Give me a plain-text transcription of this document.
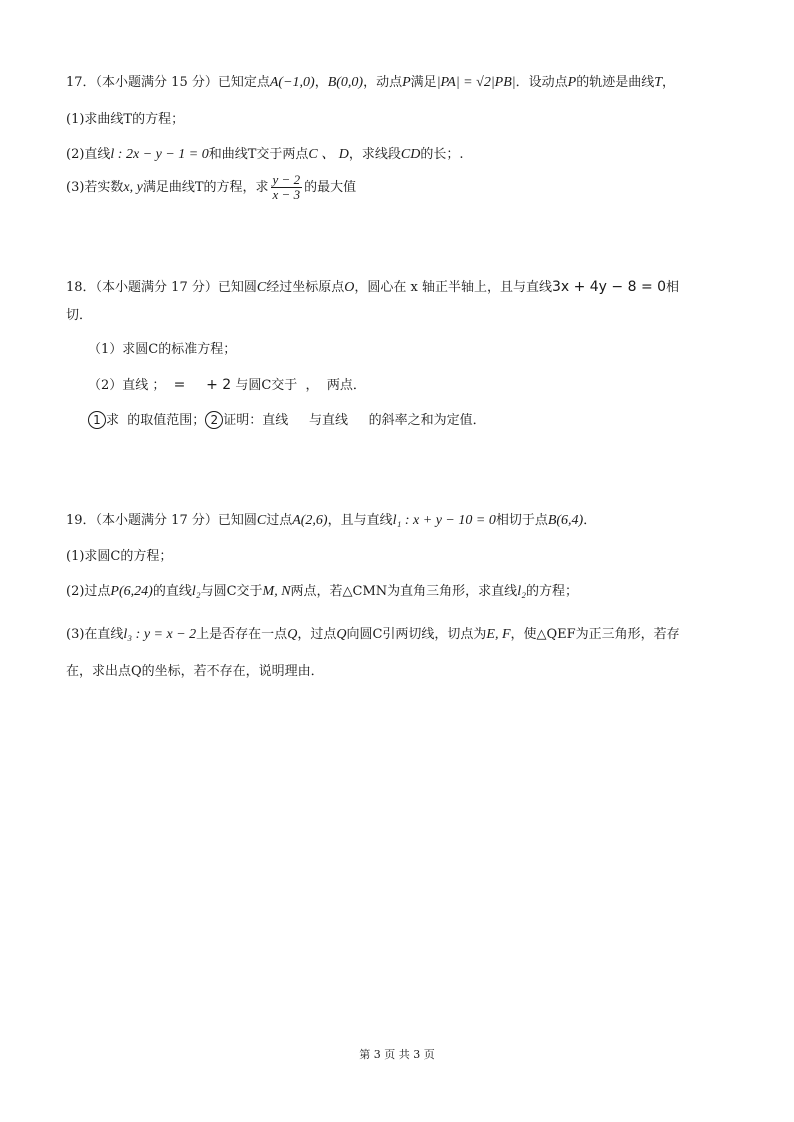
17．（本小题满分 15 分）已知定点A(−1,0)，B(0,0)，动点P满足|PA| = √2|PB|．设动点P的轨迹是曲线T，
(1)求曲线T的方程；
(2)直线l : 2x − y − 1 = 0和曲线T交于两点C 、 D，求线段CD的长；.
(3)若实数x, y满足曲线T的方程，求 $\frac{y - 2}{x - 3}$ 的最大值
18．（本小题满分 17 分）已知圆C经过坐标原点O，圆心在 x 轴正半轴上，且与直线3x + 4y − 8 = 0相
切．
（1）求圆C的标准方程；
（2）直线 ； = + 2 与圆C交于 ， 两点．
1 求 的取值范围； 2 证明：直线 与直线 的斜率之和为定值．
19．（本小题满分 17 分）已知圆C过点A(2,6)，且与直线l₁ : x + y − 10 = 0相切于点B(6,4)．
(1)求圆C的方程；
(2)过点P(6,24)的直线l₂与圆C交于M, N两点，若△CMN为直角三角形，求直线l₂的方程；
(3)在直线l₃ : y = x − 2上是否存在一点Q，过点Q向圆C引两切线，切点为E, F，使△QEF为正三角形，若存
在，求出点Q的坐标，若不存在，说明理由．
第 3 页 共 3 页
